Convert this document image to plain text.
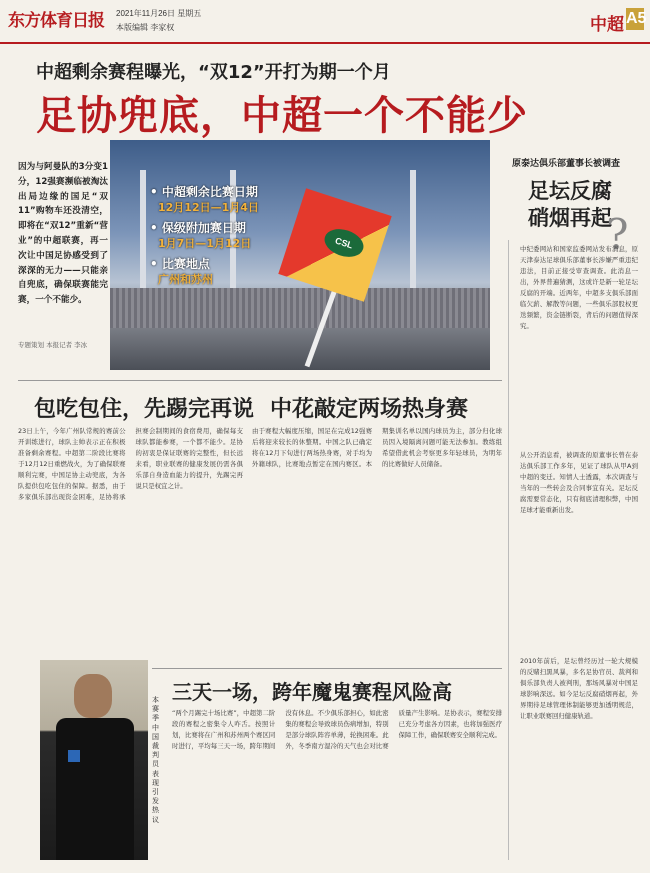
东方体育日报 2021年11月26日 星期五
本版编辑 李家权	中超 A5
中超剩余赛程曝光，“双12”开打为期一个月
足协兜底，中超一个不能少
因为与阿曼队的3分变1分，12强赛濒临被淘汰出局边缘的国足“双11”购物车还没清空，即将在“双12”重新“营业”的中超联赛，再一次让中国足协感受到了深深的无力——只能亲自兜底，确保联赛能完赛，一个不能少。
专题策划 本报记者 李冰
CSL
• 中超剩余比赛日期
12月12日—1月4日
• 保级附加赛日期
1月7日—1月12日
• 比赛地点
广州和苏州
原泰达俱乐部董事长被调查
足坛反腐
硝烟再起
?
中纪委网站和国家监委网站发布消息，原天津泰达足球俱乐部董事长涉嫌严重违纪违法，目前正接受审查调查。此消息一出，外界普遍猜测，这或许是新一轮足坛反腐的开端。近两年，中超多支俱乐部面临欠薪、解散等问题，一些俱乐部股权更迭频繁，资金链断裂，背后的问题值得深究。
从公开消息看，被调查的原董事长曾在泰达俱乐部工作多年，见证了球队从甲A到中超的变迁。知情人士透露，本次调查与当年的一些转会及合同事宜有关。足坛反腐需要常态化，只有彻底清理积弊，中国足球才能重新出发。
2010年前后，足坛曾经历过一轮大规模的反赌扫黑风暴，多名足协官员、裁判和俱乐部负责人被判刑，那场风暴对中国足球影响深远。如今足坛反腐硝烟再起，外界期待足球管理体制能够更加透明规范，让职业联赛回归健康轨道。
包吃包住，先踢完再说
23日上午，今年广州队常规的赛前公开训练进行，球队主帅表示正在积极准备剩余赛程。中超第二阶段比赛将于12月12日重燃战火，为了确保联赛顺利完赛，中国足协主动兜底，为各队提供包吃包住的保障。据悉，由于多家俱乐部出现资金困难，足协将承担赛会制期间的食宿费用，确保每支球队都能参赛，一个都不能少。足协的初衷是保证联赛的完整性，但长远来看，职业联赛的健康发展仍需各俱乐部自身造血能力的提升，先踢完再说只是权宜之计。
中花敲定两场热身赛
由于赛程大幅度压缩，国足在完成12强赛后将迎来较长的休整期。中国之队已确定将在12月下旬进行两场热身赛，对手均为外籍球队，比赛地点暂定在国内赛区。本期集训名单以国内球员为主，部分归化球员因入境隔离问题可能无法参加。教练组希望借此机会考察更多年轻球员，为明年的比赛做好人员储备。
三天一场，跨年魔鬼赛程风险高
“两个月踢完十场比赛”，中超第二阶段的赛程之密集令人咋舌。按照计划，比赛将在广州和苏州两个赛区同时进行，平均每三天一场，跨年期间没有休息。不少俱乐部担心，如此密集的赛程会导致球员伤病增加，特别是部分球队阵容单薄，轮换困难。此外，冬季南方湿冷的天气也会对比赛质量产生影响。足协表示，赛程安排已充分考虑各方因素，也将加强医疗保障工作，确保联赛安全顺利完成。
本赛季中国裁判员表现引发热议
